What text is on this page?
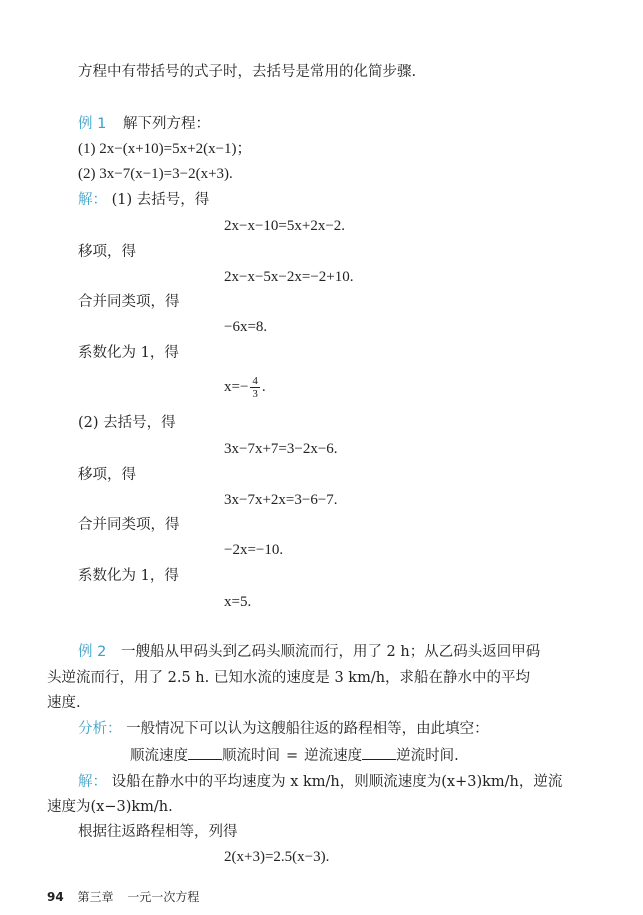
方程中有带括号的式子时，去括号是常用的化简步骤.
例 1 解下列方程：
(1) 2x−(x+10)=5x+2(x−1)；
(2) 3x−7(x−1)=3−2(x+3).
解： (1) 去括号，得
2x−x−10=5x+2x−2.
移项，得
2x−x−5x−2x=−2+10.
合并同类项，得
−6x=8.
系数化为 1，得
$x=- \frac{4}{3}$ .
(2) 去括号，得
3x−7x+7=3−2x−6.
移项，得
3x−7x+2x=3−6−7.
合并同类项，得
−2x=−10.
系数化为 1，得
x=5.
例 2 一艘船从甲码头到乙码头顺流而行，用了 2 h；从乙码头返回甲码
头逆流而行，用了 2.5 h. 已知水流的速度是 3 km/h，求船在静水中的平均
速度.
分析： 一般情况下可以认为这艘船往返的路程相等，由此填空：
顺流速度 顺流时间 = 逆流速度 逆流时间.
解： 设船在静水中的平均速度为 x km/h，则顺流速度为(x+3)km/h，逆流
速度为(x−3)km/h.
根据往返路程相等，列得
2(x+3)=2.5(x−3).
94 第三章 一元一次方程
